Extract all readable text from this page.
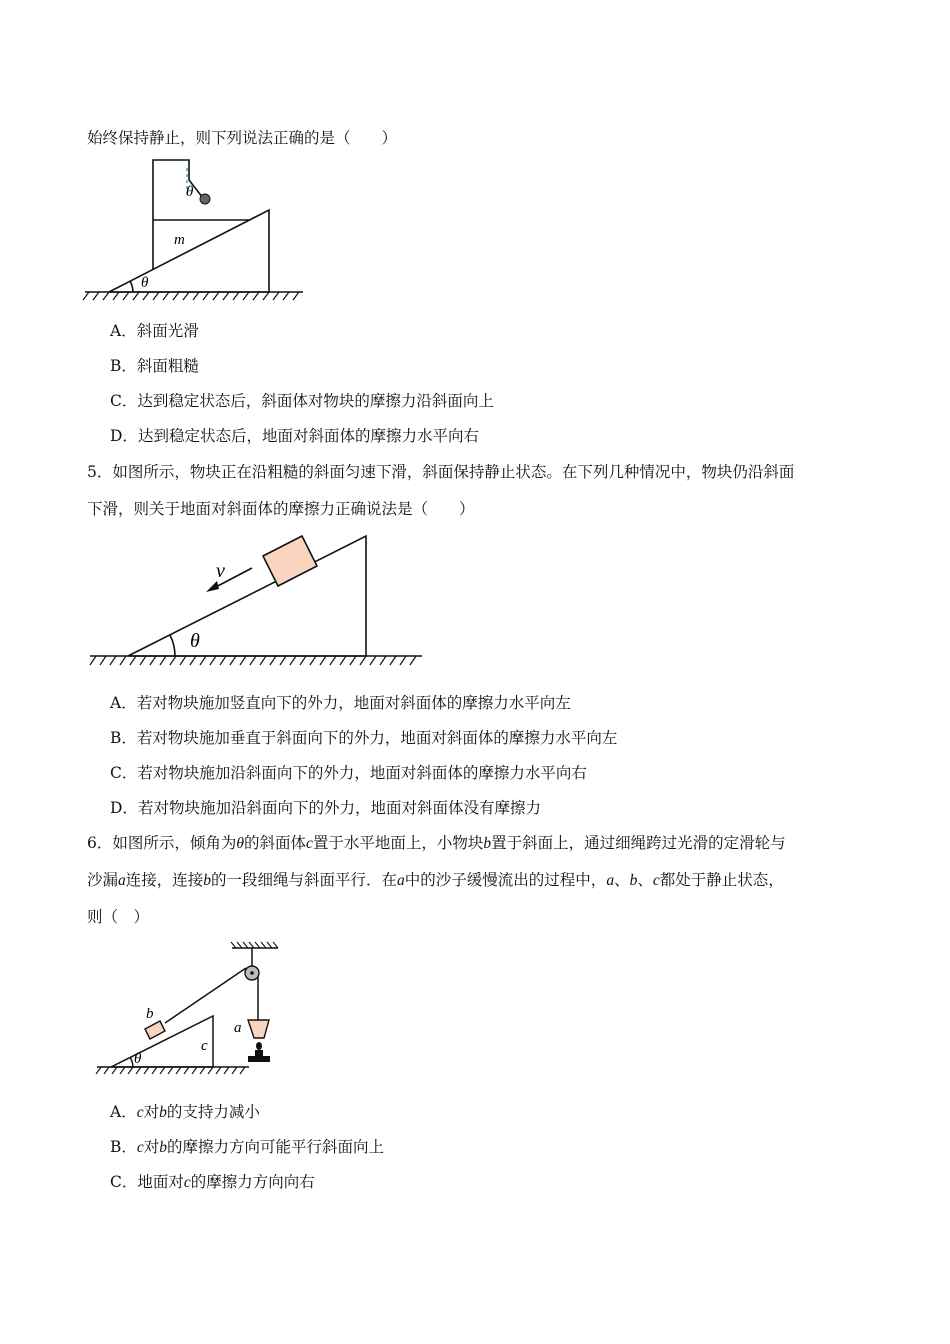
始终保持静止，则下列说法正确的是（　　）
θ
m
θ
A．斜面光滑
B．斜面粗糙
C．达到稳定状态后，斜面体对物块的摩擦力沿斜面向上
D．达到稳定状态后，地面对斜面体的摩擦力水平向右
5．如图所示，物块正在沿粗糙的斜面匀速下滑，斜面保持静止状态。在下列几种情况中，物块仍沿斜面
下滑，则关于地面对斜面体的摩擦力正确说法是（　　）
v
θ
A．若对物块施加竖直向下的外力，地面对斜面体的摩擦力水平向左
B．若对物块施加垂直于斜面向下的外力，地面对斜面体的摩擦力水平向左
C．若对物块施加沿斜面向下的外力，地面对斜面体的摩擦力水平向右
D．若对物块施加沿斜面向下的外力，地面对斜面体没有摩擦力
6．如图所示，倾角为θ的斜面体c置于水平地面上，小物块b置于斜面上，通过细绳跨过光滑的定滑轮与
沙漏a连接，连接b的一段细绳与斜面平行．在a中的沙子缓慢流出的过程中，a、b、c都处于静止状态，
则（　）
b
a
c
θ
A．c对b的支持力减小
B．c对b的摩擦力方向可能平行斜面向上
C．地面对c的摩擦力方向向右
